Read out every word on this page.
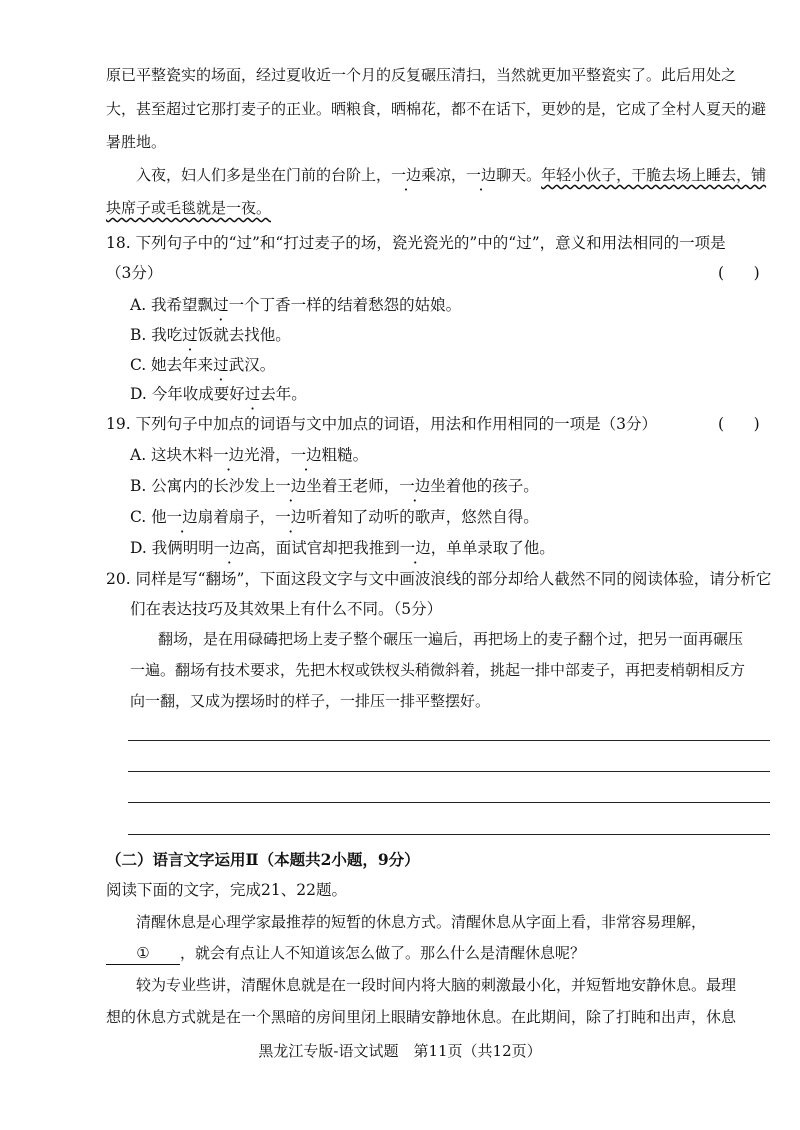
原已平整瓷实的场面，经过夏收近一个月的反复碾压清扫，当然就更加平整瓷实了。此后用处之
大，甚至超过它那打麦子的正业。晒粮食，晒棉花，都不在话下，更妙的是，它成了全村人夏天的避
暑胜地。
入夜，妇人们多是坐在门前的台阶上，一边乘凉，一边聊天。年轻小伙子，干脆去场上睡去，铺
块席子或毛毯就是一夜。
18. 下列句子中的“过”和“打过麦子的场，瓷光瓷光的”中的“过”，意义和用法相同的一项是
（3分）	(      )
A. 我希望飘过一个丁香一样的结着愁怨的姑娘。
B. 我吃过饭就去找他。
C. 她去年来过武汉。
D. 今年收成要好过去年。
19. 下列句子中加点的词语与文中加点的词语，用法和作用相同的一项是（3分）	(      )
A. 这块木料一边光滑，一边粗糙。
B. 公寓内的长沙发上一边坐着王老师，一边坐着他的孩子。
C. 他一边扇着扇子，一边听着知了动听的歌声，悠然自得。
D. 我俩明明一边高，面试官却把我推到一边，单单录取了他。
20. 同样是写“翻场”，下面这段文字与文中画波浪线的部分却给人截然不同的阅读体验，请分析它
们在表达技巧及其效果上有什么不同。（5分）
翻场，是在用碌碡把场上麦子整个碾压一遍后，再把场上的麦子翻个过，把另一面再碾压
一遍。翻场有技术要求，先把木杈或铁杈头稍微斜着，挑起一排中部麦子，再把麦梢朝相反方
向一翻，又成为摆场时的样子，一排压一排平整摆好。
（二）语言文字运用Ⅱ（本题共2小题，9分）
阅读下面的文字，完成21、22题。
清醒休息是心理学家最推荐的短暂的休息方式。清醒休息从字面上看，非常容易理解，
① ，就会有点让人不知道该怎么做了。那么什么是清醒休息呢？
较为专业些讲，清醒休息就是在一段时间内将大脑的刺激最小化，并短暂地安静休息。最理
想的休息方式就是在一个黑暗的房间里闭上眼睛安静地休息。在此期间，除了打盹和出声，休息
黑龙江专版-语文试题　第11页（共12页）
